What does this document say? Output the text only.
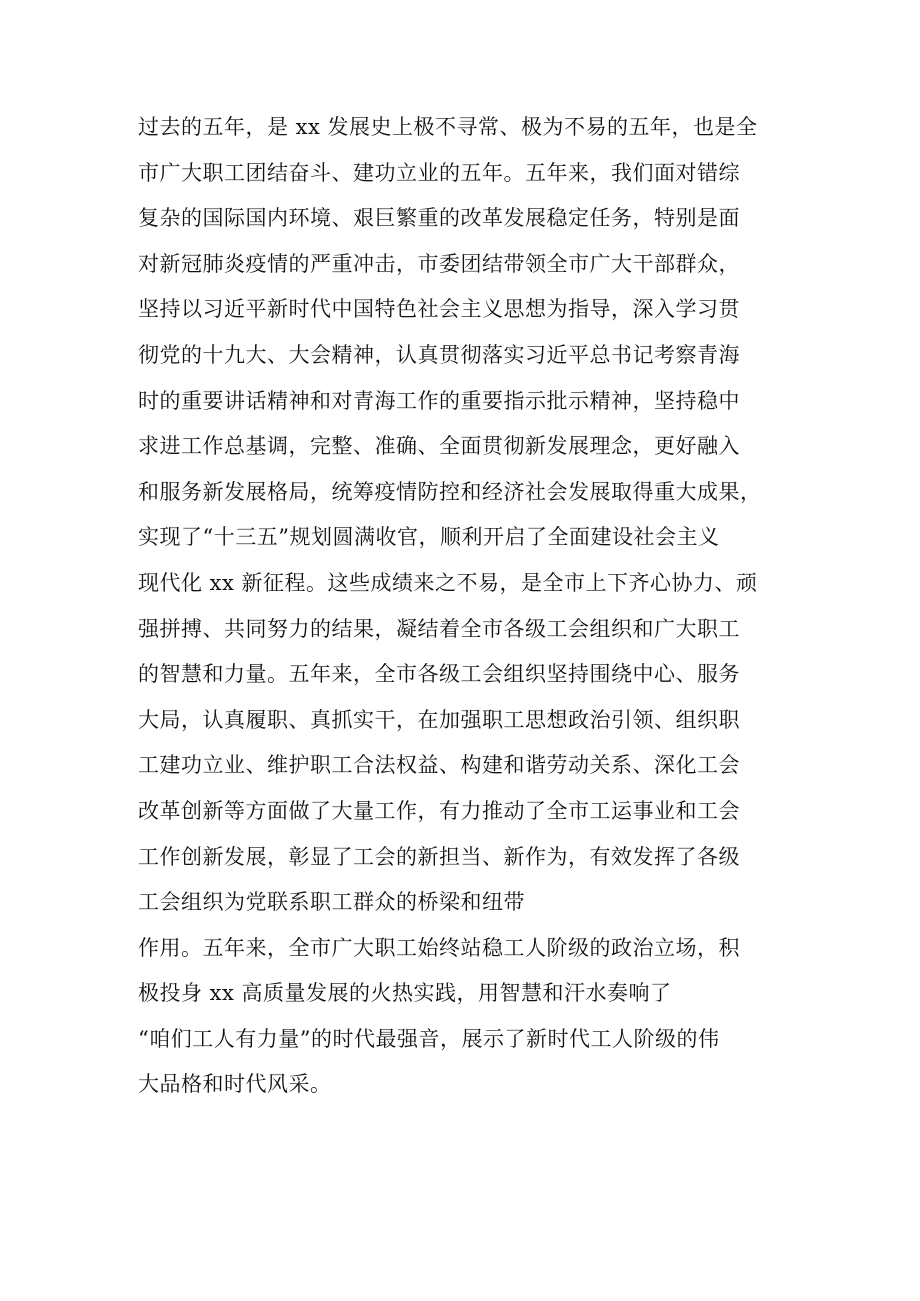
过去的五年，是 xx 发展史上极不寻常、极为不易的五年，也是全
市广大职工团结奋斗、建功立业的五年。五年来，我们面对错综
复杂的国际国内环境、艰巨繁重的改革发展稳定任务，特别是面
对新冠肺炎疫情的严重冲击，市委团结带领全市广大干部群众，
坚持以习近平新时代中国特色社会主义思想为指导，深入学习贯
彻党的十九大、大会精神，认真贯彻落实习近平总书记考察青海
时的重要讲话精神和对青海工作的重要指示批示精神，坚持稳中
求进工作总基调，完整、准确、全面贯彻新发展理念，更好融入
和服务新发展格局，统筹疫情防控和经济社会发展取得重大成果，
实现了“十三五”规划圆满收官，顺利开启了全面建设社会主义
现代化 xx 新征程。这些成绩来之不易，是全市上下齐心协力、顽
强拼搏、共同努力的结果，凝结着全市各级工会组织和广大职工
的智慧和力量。五年来，全市各级工会组织坚持围绕中心、服务
大局，认真履职、真抓实干，在加强职工思想政治引领、组织职
工建功立业、维护职工合法权益、构建和谐劳动关系、深化工会
改革创新等方面做了大量工作，有力推动了全市工运事业和工会
工作创新发展，彰显了工会的新担当、新作为，有效发挥了各级
工会组织为党联系职工群众的桥梁和纽带
作用。五年来，全市广大职工始终站稳工人阶级的政治立场，积
极投身 xx 高质量发展的火热实践，用智慧和汗水奏响了
“咱们工人有力量”的时代最强音，展示了新时代工人阶级的伟
大品格和时代风采。
